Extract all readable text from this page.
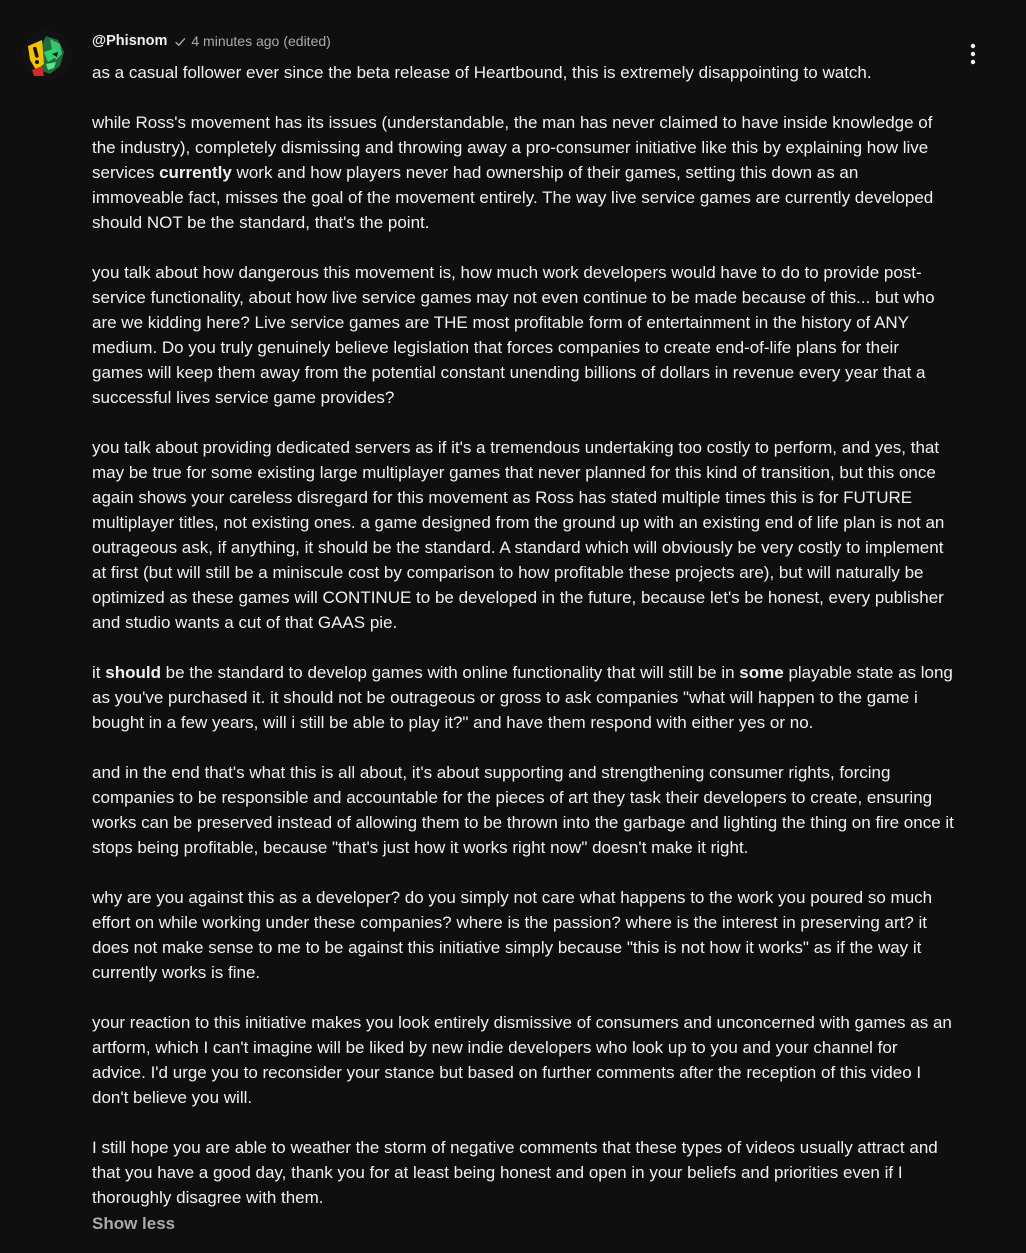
@Phisnom 4 minutes ago (edited)

as a casual follower ever since the beta release of Heartbound, this is extremely disappointing to watch.

while Ross's movement has its issues (understandable, the man has never claimed to have inside knowledge of the industry), completely dismissing and throwing away a pro-consumer initiative like this by explaining how live services currently work and how players never had ownership of their games, setting this down as an immoveable fact, misses the goal of the movement entirely. The way live service games are currently developed should NOT be the standard, that's the point.

you talk about how dangerous this movement is, how much work developers would have to do to provide post-service functionality, about how live service games may not even continue to be made because of this... but who are we kidding here? Live service games are THE most profitable form of entertainment in the history of ANY medium. Do you truly genuinely believe legislation that forces companies to create end-of-life plans for their games will keep them away from the potential constant unending billions of dollars in revenue every year that a successful lives service game provides?

you talk about providing dedicated servers as if it's a tremendous undertaking too costly to perform, and yes, that may be true for some existing large multiplayer games that never planned for this kind of transition, but this once again shows your careless disregard for this movement as Ross has stated multiple times this is for FUTURE multiplayer titles, not existing ones. a game designed from the ground up with an existing end of life plan is not an outrageous ask, if anything, it should be the standard. A standard which will obviously be very costly to implement at first (but will still be a miniscule cost by comparison to how profitable these projects are), but will naturally be optimized as these games will CONTINUE to be developed in the future, because let's be honest, every publisher and studio wants a cut of that GAAS pie.

it should be the standard to develop games with online functionality that will still be in some playable state as long as you've purchased it. it should not be outrageous or gross to ask companies "what will happen to the game i bought in a few years, will i still be able to play it?" and have them respond with either yes or no.

and in the end that's what this is all about, it's about supporting and strengthening consumer rights, forcing companies to be responsible and accountable for the pieces of art they task their developers to create, ensuring works can be preserved instead of allowing them to be thrown into the garbage and lighting the thing on fire once it stops being profitable, because "that's just how it works right now" doesn't make it right.

why are you against this as a developer? do you simply not care what happens to the work you poured so much effort on while working under these companies? where is the passion? where is the interest in preserving art? it does not make sense to me to be against this initiative simply because "this is not how it works" as if the way it currently works is fine.

your reaction to this initiative makes you look entirely dismissive of consumers and unconcerned with games as an artform, which I can't imagine will be liked by new indie developers who look up to you and your channel for advice. I'd urge you to reconsider your stance but based on further comments after the reception of this video I don't believe you will.

I still hope you are able to weather the storm of negative comments that these types of videos usually attract and that you have a good day, thank you for at least being honest and open in your beliefs and priorities even if I thoroughly disagree with them.

Show less
